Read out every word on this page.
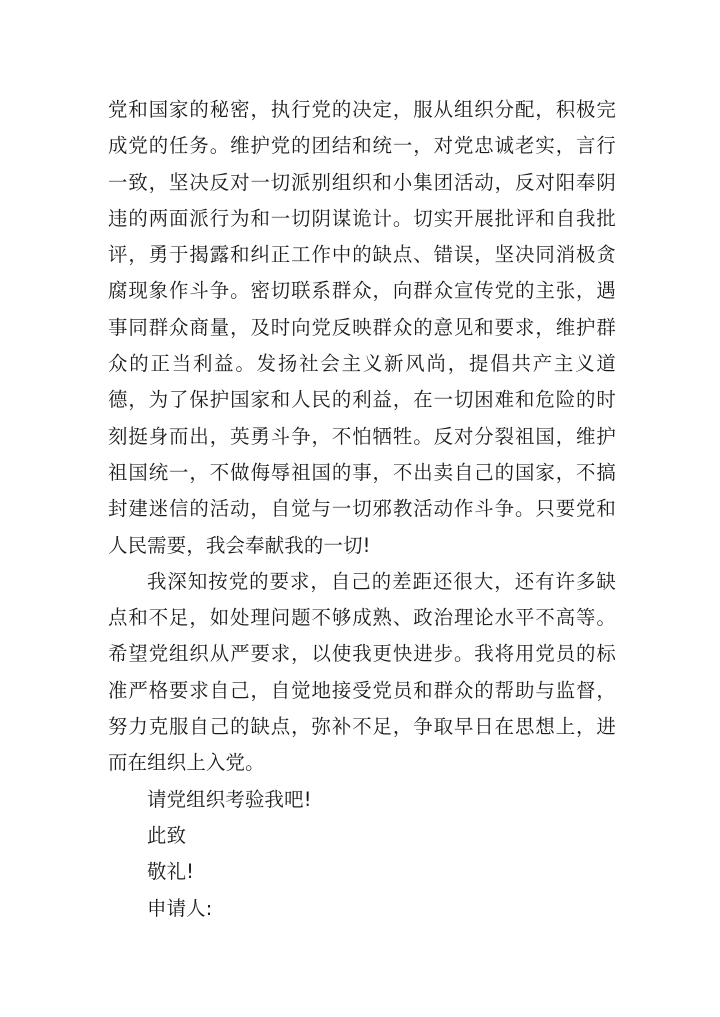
党和国家的秘密，执行党的决定，服从组织分配，积极完成党的任务。维护党的团结和统一，对党忠诚老实，言行一致，坚决反对一切派别组织和小集团活动，反对阳奉阴违的两面派行为和一切阴谋诡计。切实开展批评和自我批评，勇于揭露和纠正工作中的缺点、错误，坚决同消极贪腐现象作斗争。密切联系群众，向群众宣传党的主张，遇事同群众商量，及时向党反映群众的意见和要求，维护群众的正当利益。发扬社会主义新风尚，提倡共产主义道德，为了保护国家和人民的利益，在一切困难和危险的时刻挺身而出，英勇斗争，不怕牺牲。反对分裂祖国，维护祖国统一，不做侮辱祖国的事，不出卖自己的国家，不搞封建迷信的活动，自觉与一切邪教活动作斗争。只要党和人民需要，我会奉献我的一切!

我深知按党的要求，自己的差距还很大，还有许多缺点和不足，如处理问题不够成熟、政治理论水平不高等。希望党组织从严要求，以使我更快进步。我将用党员的标准严格要求自己，自觉地接受党员和群众的帮助与监督，努力克服自己的缺点，弥补不足，争取早日在思想上，进而在组织上入党。

请党组织考验我吧!

此致

敬礼!

申请人:
